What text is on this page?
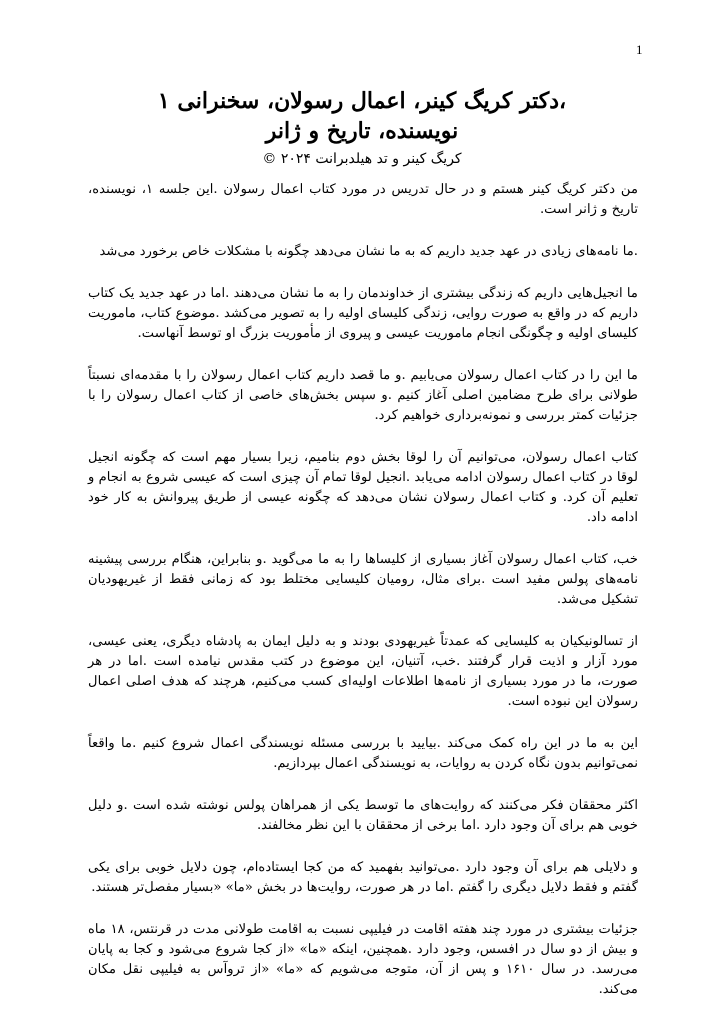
1
،دکتر کریگ کینر، اعمال رسولان، سخنرانی ۱
نویسنده، تاریخ و ژانر
کریگ کینر و تد هیلدبرانت ۲۰۲۴ ©

من دکتر کریگ کینر هستم و در حال تدریس در مورد کتاب اعمال رسولان .این جلسه ۱، نویسنده، تاریخ و ژانر است.

.ما نامه‌های زیادی در عهد جدید داریم که به ما نشان می‌دهد چگونه با مشکلات خاص برخورد می‌شد

ما انجیل‌هایی داریم که زندگی بیشتری از خداوندمان را به ما نشان می‌دهند .اما در عهد جدید یک کتاب داریم که در واقع به صورت روایی، زندگی کلیسای اولیه را به تصویر می‌کشد .موضوع کتاب، ماموریت کلیسای اولیه و چگونگی انجام ماموریت عیسی و پیروی از مأموریت بزرگ او توسط آنهاست.

ما این را در کتاب اعمال رسولان می‌یابیم .و ما قصد داریم کتاب اعمال رسولان را با مقدمه‌ای نسبتاً طولانی برای طرح مضامین اصلی آغاز کنیم .و سپس بخش‌های خاصی از کتاب اعمال رسولان را با جزئیات کمتر بررسی و نمونه‌برداری خواهیم کرد.

کتاب اعمال رسولان، می‌توانیم آن را لوقا بخش دوم بنامیم، زیرا بسیار مهم است که چگونه انجیل لوقا در کتاب اعمال رسولان ادامه می‌یابد .انجیل لوقا تمام آن چیزی است که عیسی شروع به انجام و تعلیم آن کرد. و کتاب اعمال رسولان نشان می‌دهد که چگونه عیسی از طریق پیروانش به کار خود ادامه داد.

خب، کتاب اعمال رسولان آغاز بسیاری از کلیساها را به ما می‌گوید .و بنابراین، هنگام بررسی پیشینه نامه‌های پولس مفید است .برای مثال، رومیان کلیسایی مختلط بود که زمانی فقط از غیریهودیان تشکیل می‌شد.

از تسالونیکیان به کلیسایی که عمدتاً غیریهودی بودند و به دلیل ایمان به پادشاه دیگری، یعنی عیسی، مورد آزار و اذیت قرار گرفتند .خب، آتنیان، این موضوع در کتب مقدس نیامده است .اما در هر صورت، ما در مورد بسیاری از نامه‌ها اطلاعات اولیه‌ای کسب می‌کنیم، هرچند که هدف اصلی اعمال رسولان این نبوده است.

این به ما در این راه کمک می‌کند .بیایید با بررسی مسئله نویسندگی اعمال شروع کنیم .ما واقعاً نمی‌توانیم بدون نگاه کردن به روایات، به نویسندگی اعمال بپردازیم.

اکثر محققان فکر می‌کنند که روایت‌های ما توسط یکی از همراهان پولس نوشته شده است .و دلیل خوبی هم برای آن وجود دارد .اما برخی از محققان با این نظر مخالفند.

و دلایلی هم برای آن وجود دارد .می‌توانید بفهمید که من کجا ایستاده‌ام، چون دلایل خوبی برای یکی گفتم و فقط دلایل دیگری را گفتم .اما در هر صورت، روایت‌ها در بخش «ما» «بسیار مفصل‌تر هستند.

جزئیات بیشتری در مورد چند هفته اقامت در فیلیپی نسبت به اقامت طولانی مدت در قرنتس، ۱۸ ماه و بیش از دو سال در افسس، وجود دارد .همچنین، اینکه «ما» «از کجا شروع می‌شود و کجا به پایان می‌رسد. در سال ۱۶۱۰ و پس از آن، متوجه می‌شویم که «ما» «از تروآس به فیلیپی نقل مکان می‌کند.
